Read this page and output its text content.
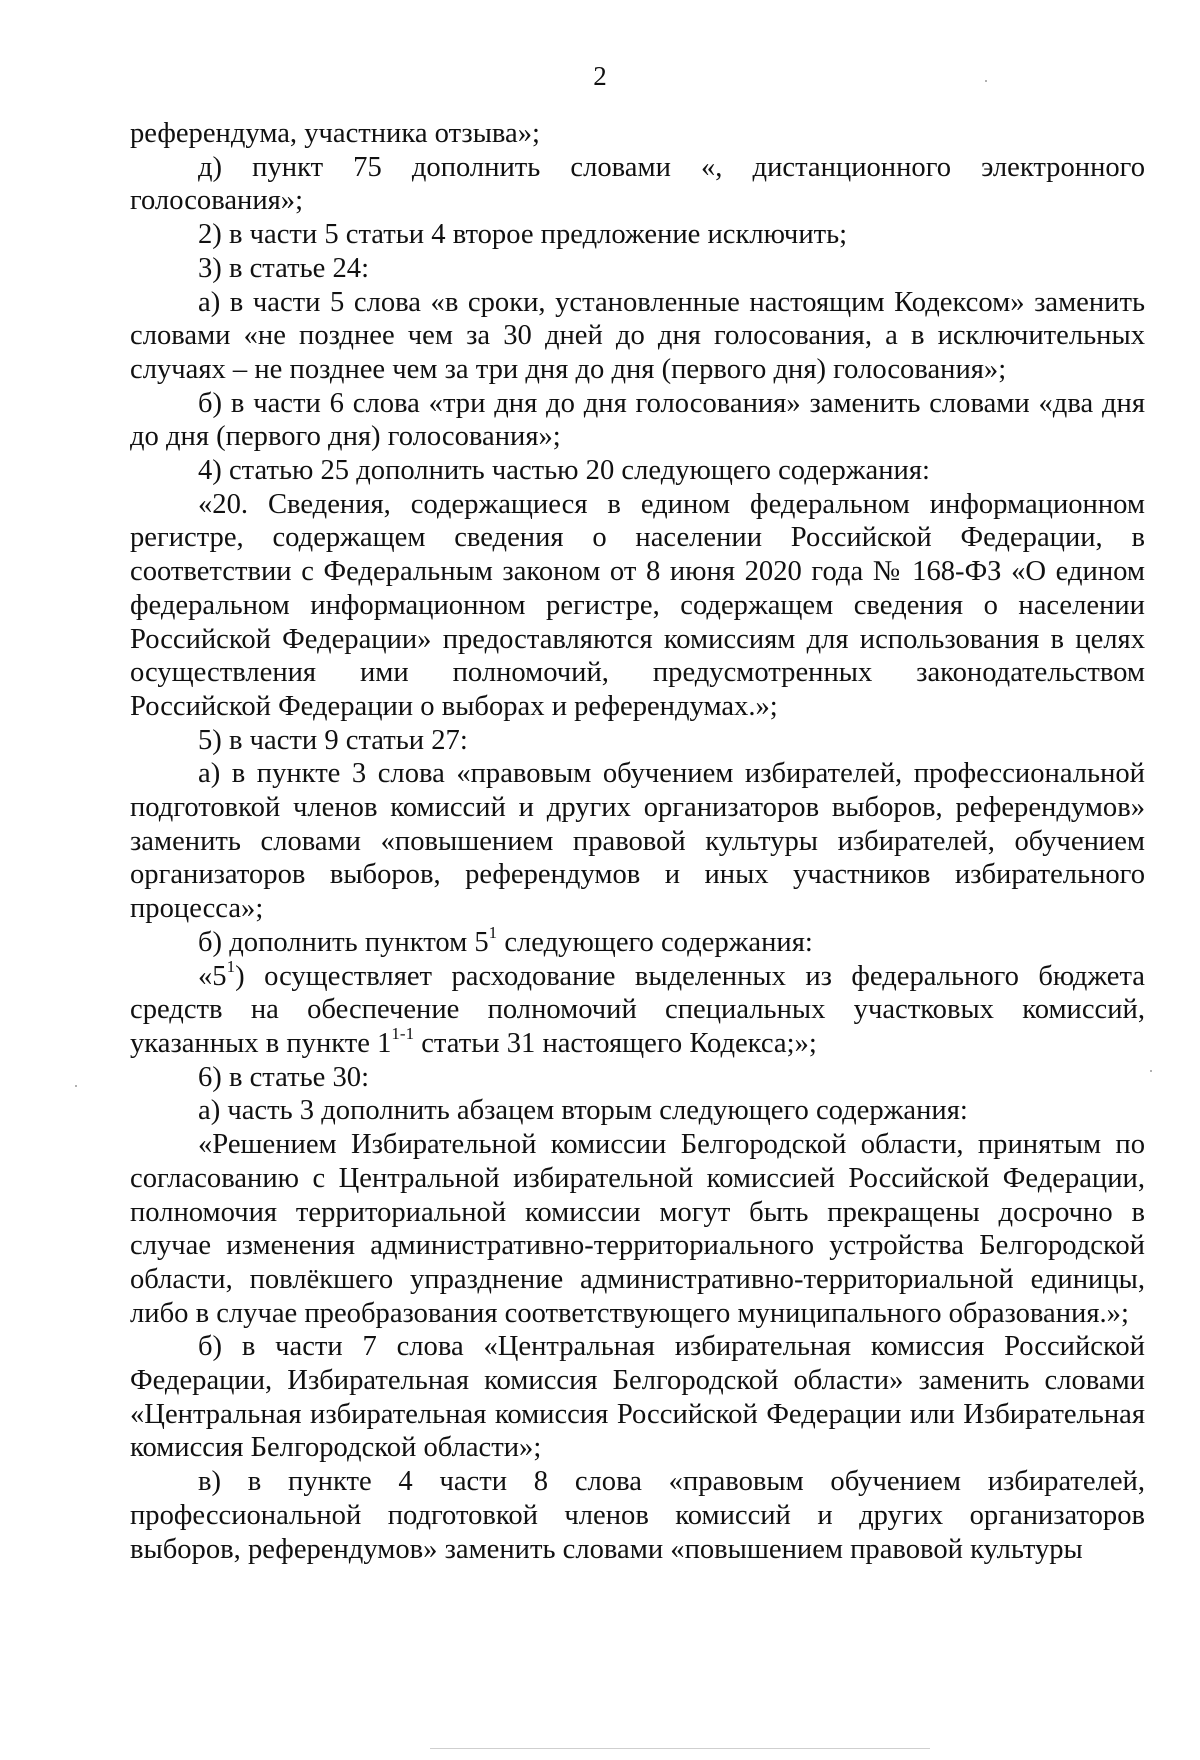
2

референдума, участника отзыва»;

д) пункт 75 дополнить словами «, дистанционного электронного голосования»;

2) в части 5 статьи 4 второе предложение исключить;

3) в статье 24:

а) в части 5 слова «в сроки, установленные настоящим Кодексом» заменить словами «не позднее чем за 30 дней до дня голосования, а в исключительных случаях – не позднее чем за три дня до дня (первого дня) голосования»;

б) в части 6 слова «три дня до дня голосования» заменить словами «два дня до дня (первого дня) голосования»;

4) статью 25 дополнить частью 20 следующего содержания:

«20. Сведения, содержащиеся в едином федеральном информационном регистре, содержащем сведения о населении Российской Федерации, в соответствии с Федеральным законом от 8 июня 2020 года № 168-ФЗ «О едином федеральном информационном регистре, содержащем сведения о населении Российской Федерации» предоставляются комиссиям для использования в целях осуществления ими полномочий, предусмотренных законодательством Российской Федерации о выборах и референдумах.»;

5) в части 9 статьи 27:

а) в пункте 3 слова «правовым обучением избирателей, профессиональной подготовкой членов комиссий и других организаторов выборов, референдумов» заменить словами «повышением правовой культуры избирателей, обучением организаторов выборов, референдумов и иных участников избирательного процесса»;

б) дополнить пунктом $5^1$ следующего содержания:

«$5^1$) осуществляет расходование выделенных из федерального бюджета средств на обеспечение полномочий специальных участковых комиссий, указанных в пункте 1$^{1-1}$ статьи 31 настоящего Кодекса;»;

6) в статье 30:

а) часть 3 дополнить абзацем вторым следующего содержания:

«Решением Избирательной комиссии Белгородской области, принятым по согласованию с Центральной избирательной комиссией Российской Федерации, полномочия территориальной комиссии могут быть прекращены досрочно в случае изменения административно-территориального устройства Белгородской области, повлёкшего упразднение административно-территориальной единицы, либо в случае преобразования соответствующего муниципального образования.»;

б) в части 7 слова «Центральная избирательная комиссия Российской Федерации, Избирательная комиссия Белгородской области» заменить словами «Центральная избирательная комиссия Российской Федерации или Избирательная комиссия Белгородской области»;

в) в пункте 4 части 8 слова «правовым обучением избирателей, профессиональной подготовкой членов комиссий и других организаторов выборов, референдумов» заменить словами «повышением правовой культуры
